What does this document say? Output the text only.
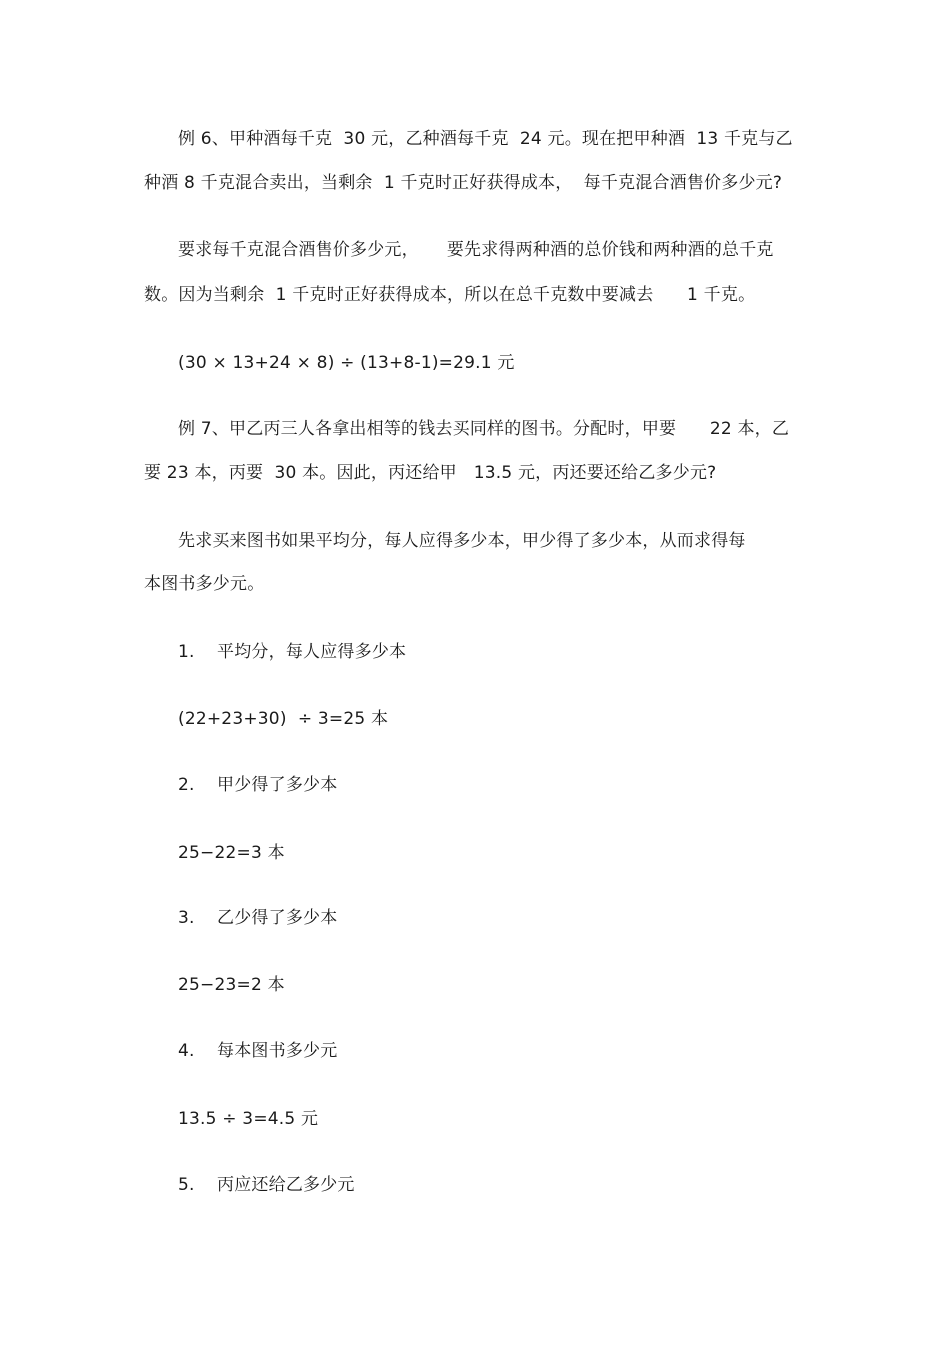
例 6、甲种酒每千克  30 元，乙种酒每千克  24 元。现在把甲种酒  13 千克与乙
种酒 8 千克混合卖出，当剩余  1 千克时正好获得成本，  每千克混合酒售价多少元?
要求每千克混合酒售价多少元，     要先求得两种酒的总价钱和两种酒的总千克
数。因为当剩余  1 千克时正好获得成本，所以在总千克数中要减去      1 千克。
(30 × 13+24 × 8) ÷ (13+8-1)=29.1 元
例 7、甲乙丙三人各拿出相等的钱去买同样的图书。分配时，甲要      22 本，乙
要 23 本，丙要  30 本。因此，丙还给甲   13.5 元，丙还要还给乙多少元?
先求买来图书如果平均分，每人应得多少本，甲少得了多少本，从而求得每
本图书多少元。
1.    平均分，每人应得多少本
(22+23+30)  ÷ 3=25 本
2.    甲少得了多少本
25−22=3 本
3.    乙少得了多少本
25−23=2 本
4.    每本图书多少元
13.5 ÷ 3=4.5 元
5.    丙应还给乙多少元
